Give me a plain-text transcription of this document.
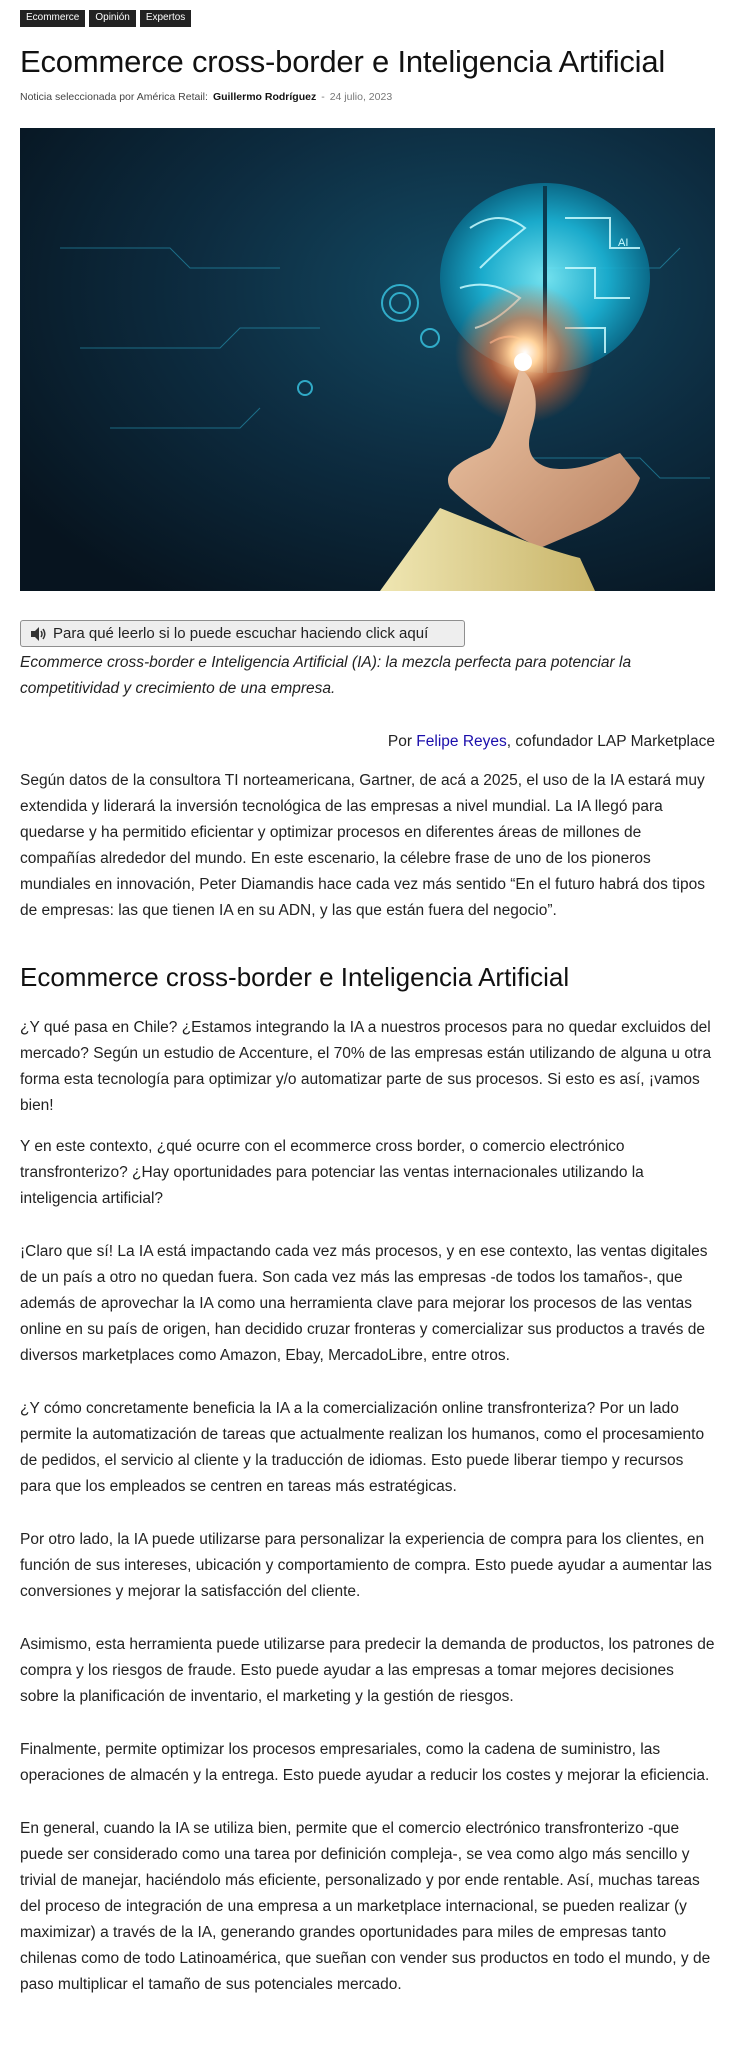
Ecommerce	Opinión	Expertos
Ecommerce cross-border e Inteligencia Artificial
Noticia seleccionada por América Retail: Guillermo Rodríguez - 24 julio, 2023
AI
Para qué leerlo si lo puede escuchar haciendo click aquí

Ecommerce cross-border e Inteligencia Artificial (IA): la mezcla perfecta para potenciar la competitividad y crecimiento de una empresa.

Por Felipe Reyes, cofundador LAP Marketplace

Según datos de la consultora TI norteamericana, Gartner, de acá a 2025, el uso de la IA estará muy extendida y liderará la inversión tecnológica de las empresas a nivel mundial. La IA llegó para quedarse y ha permitido eficientar y optimizar procesos en diferentes áreas de millones de compañías alrededor del mundo. En este escenario, la célebre frase de uno de los pioneros mundiales en innovación, Peter Diamandis hace cada vez más sentido “En el futuro habrá dos tipos de empresas: las que tienen IA en su ADN, y las que están fuera del negocio”.

Ecommerce cross-border e Inteligencia Artificial

¿Y qué pasa en Chile? ¿Estamos integrando la IA a nuestros procesos para no quedar excluidos del mercado? Según un estudio de Accenture, el 70% de las empresas están utilizando de alguna u otra forma esta tecnología para optimizar y/o automatizar parte de sus procesos. Si esto es así, ¡vamos bien!

Y en este contexto, ¿qué ocurre con el ecommerce cross border, o comercio electrónico transfronterizo? ¿Hay oportunidades para potenciar las ventas internacionales utilizando la inteligencia artificial?

¡Claro que sí! La IA está impactando cada vez más procesos, y en ese contexto, las ventas digitales de un país a otro no quedan fuera. Son cada vez más las empresas -de todos los tamaños-, que además de aprovechar la IA como una herramienta clave para mejorar los procesos de las ventas online en su país de origen, han decidido cruzar fronteras y comercializar sus productos a través de diversos marketplaces como Amazon, Ebay, MercadoLibre, entre otros.

¿Y cómo concretamente beneficia la IA a la comercialización online transfronteriza? Por un lado permite la automatización de tareas que actualmente realizan los humanos, como el procesamiento de pedidos, el servicio al cliente y la traducción de idiomas. Esto puede liberar tiempo y recursos para que los empleados se centren en tareas más estratégicas.

Por otro lado, la IA puede utilizarse para personalizar la experiencia de compra para los clientes, en función de sus intereses, ubicación y comportamiento de compra. Esto puede ayudar a aumentar las conversiones y mejorar la satisfacción del cliente.

Asimismo, esta herramienta puede utilizarse para predecir la demanda de productos, los patrones de compra y los riesgos de fraude. Esto puede ayudar a las empresas a tomar mejores decisiones sobre la planificación de inventario, el marketing y la gestión de riesgos.

Finalmente, permite optimizar los procesos empresariales, como la cadena de suministro, las operaciones de almacén y la entrega. Esto puede ayudar a reducir los costes y mejorar la eficiencia.

En general, cuando la IA se utiliza bien, permite que el comercio electrónico transfronterizo -que puede ser considerado como una tarea por definición compleja-, se vea como algo más sencillo y trivial de manejar, haciéndolo más eficiente, personalizado y por ende rentable. Así, muchas tareas del proceso de integración de una empresa a un marketplace internacional, se pueden realizar (y maximizar) a través de la IA, generando grandes oportunidades para miles de empresas tanto chilenas como de todo Latinoamérica, que sueñan con vender sus productos en todo el mundo, y de paso multiplicar el tamaño de sus potenciales mercado.
